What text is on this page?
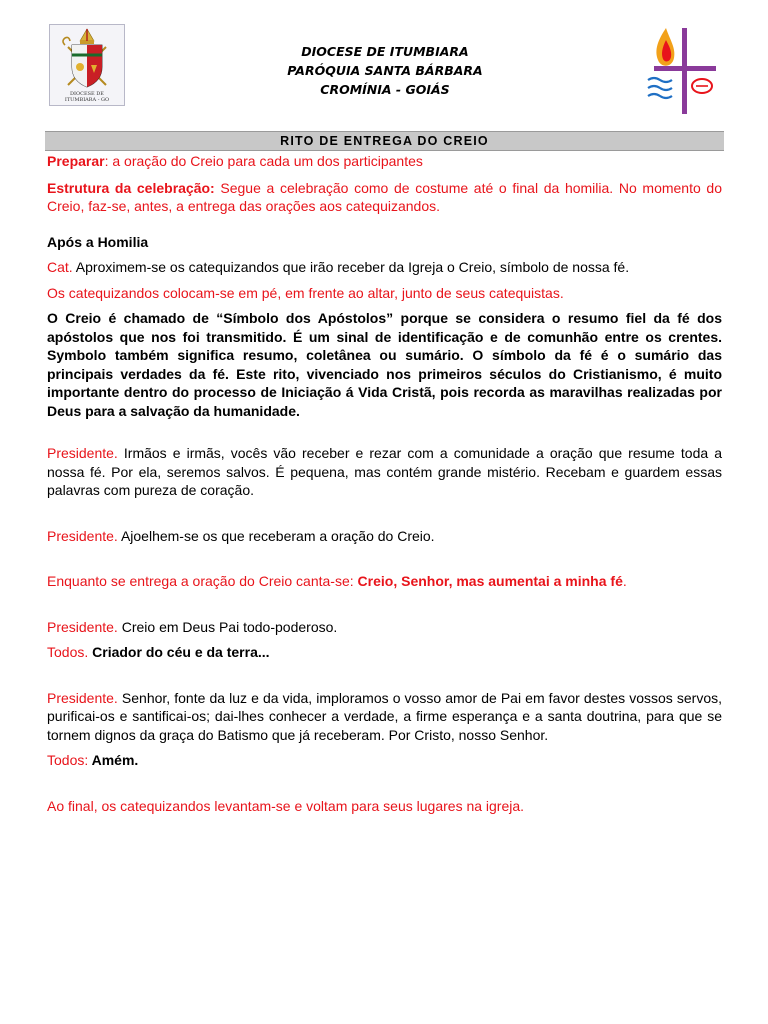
DIOCESE DE
ITUMBIARA - GO
DIOCESE DE ITUMBIARA
PARÓQUIA SANTA BÁRBARA
CROMÍNIA - GOIÁS
RITO DE ENTREGA DO CREIO

Preparar: a oração do Creio para cada um dos participantes

Estrutura da celebração: Segue a celebração como de costume até o final da homilia. No momento do Creio, faz-se, antes, a entrega das orações aos catequizandos.

Após a Homilia

Cat. Aproximem-se os catequizandos que irão receber da Igreja o Creio, símbolo de nossa fé.

Os catequizandos colocam-se em pé, em frente ao altar, junto de seus catequistas.

O Creio é chamado de “Símbolo dos Apóstolos” porque se considera o resumo fiel da fé dos apóstolos que nos foi transmitido. É um sinal de identificação e de comunhão entre os crentes. Symbolo também significa resumo, coletânea ou sumário. O símbolo da fé é o sumário das principais verdades da fé. Este rito, vivenciado nos primeiros séculos do Cristianismo, é muito importante dentro do processo de Iniciação á Vida Cristã, pois recorda as maravilhas realizadas por Deus para a salvação da humanidade.

Presidente. Irmãos e irmãs, vocês vão receber e rezar com a comunidade a oração que resume toda a nossa fé. Por ela, seremos salvos. É pequena, mas contém grande mistério. Recebam e guardem essas palavras com pureza de coração.

Presidente. Ajoelhem-se os que receberam a oração do Creio.

Enquanto se entrega a oração do Creio canta-se: Creio, Senhor, mas aumentai a minha fé.

Presidente. Creio em Deus Pai todo-poderoso.

Todos. Criador do céu e da terra...

Presidente. Senhor, fonte da luz e da vida, imploramos o vosso amor de Pai em favor destes vossos servos, purificai-os e santificai-os; dai-lhes conhecer a verdade, a firme esperança e a santa doutrina, para que se tornem dignos da graça do Batismo que já receberam. Por Cristo, nosso Senhor.

Todos: Amém.

Ao final, os catequizandos levantam-se e voltam para seus lugares na igreja.
